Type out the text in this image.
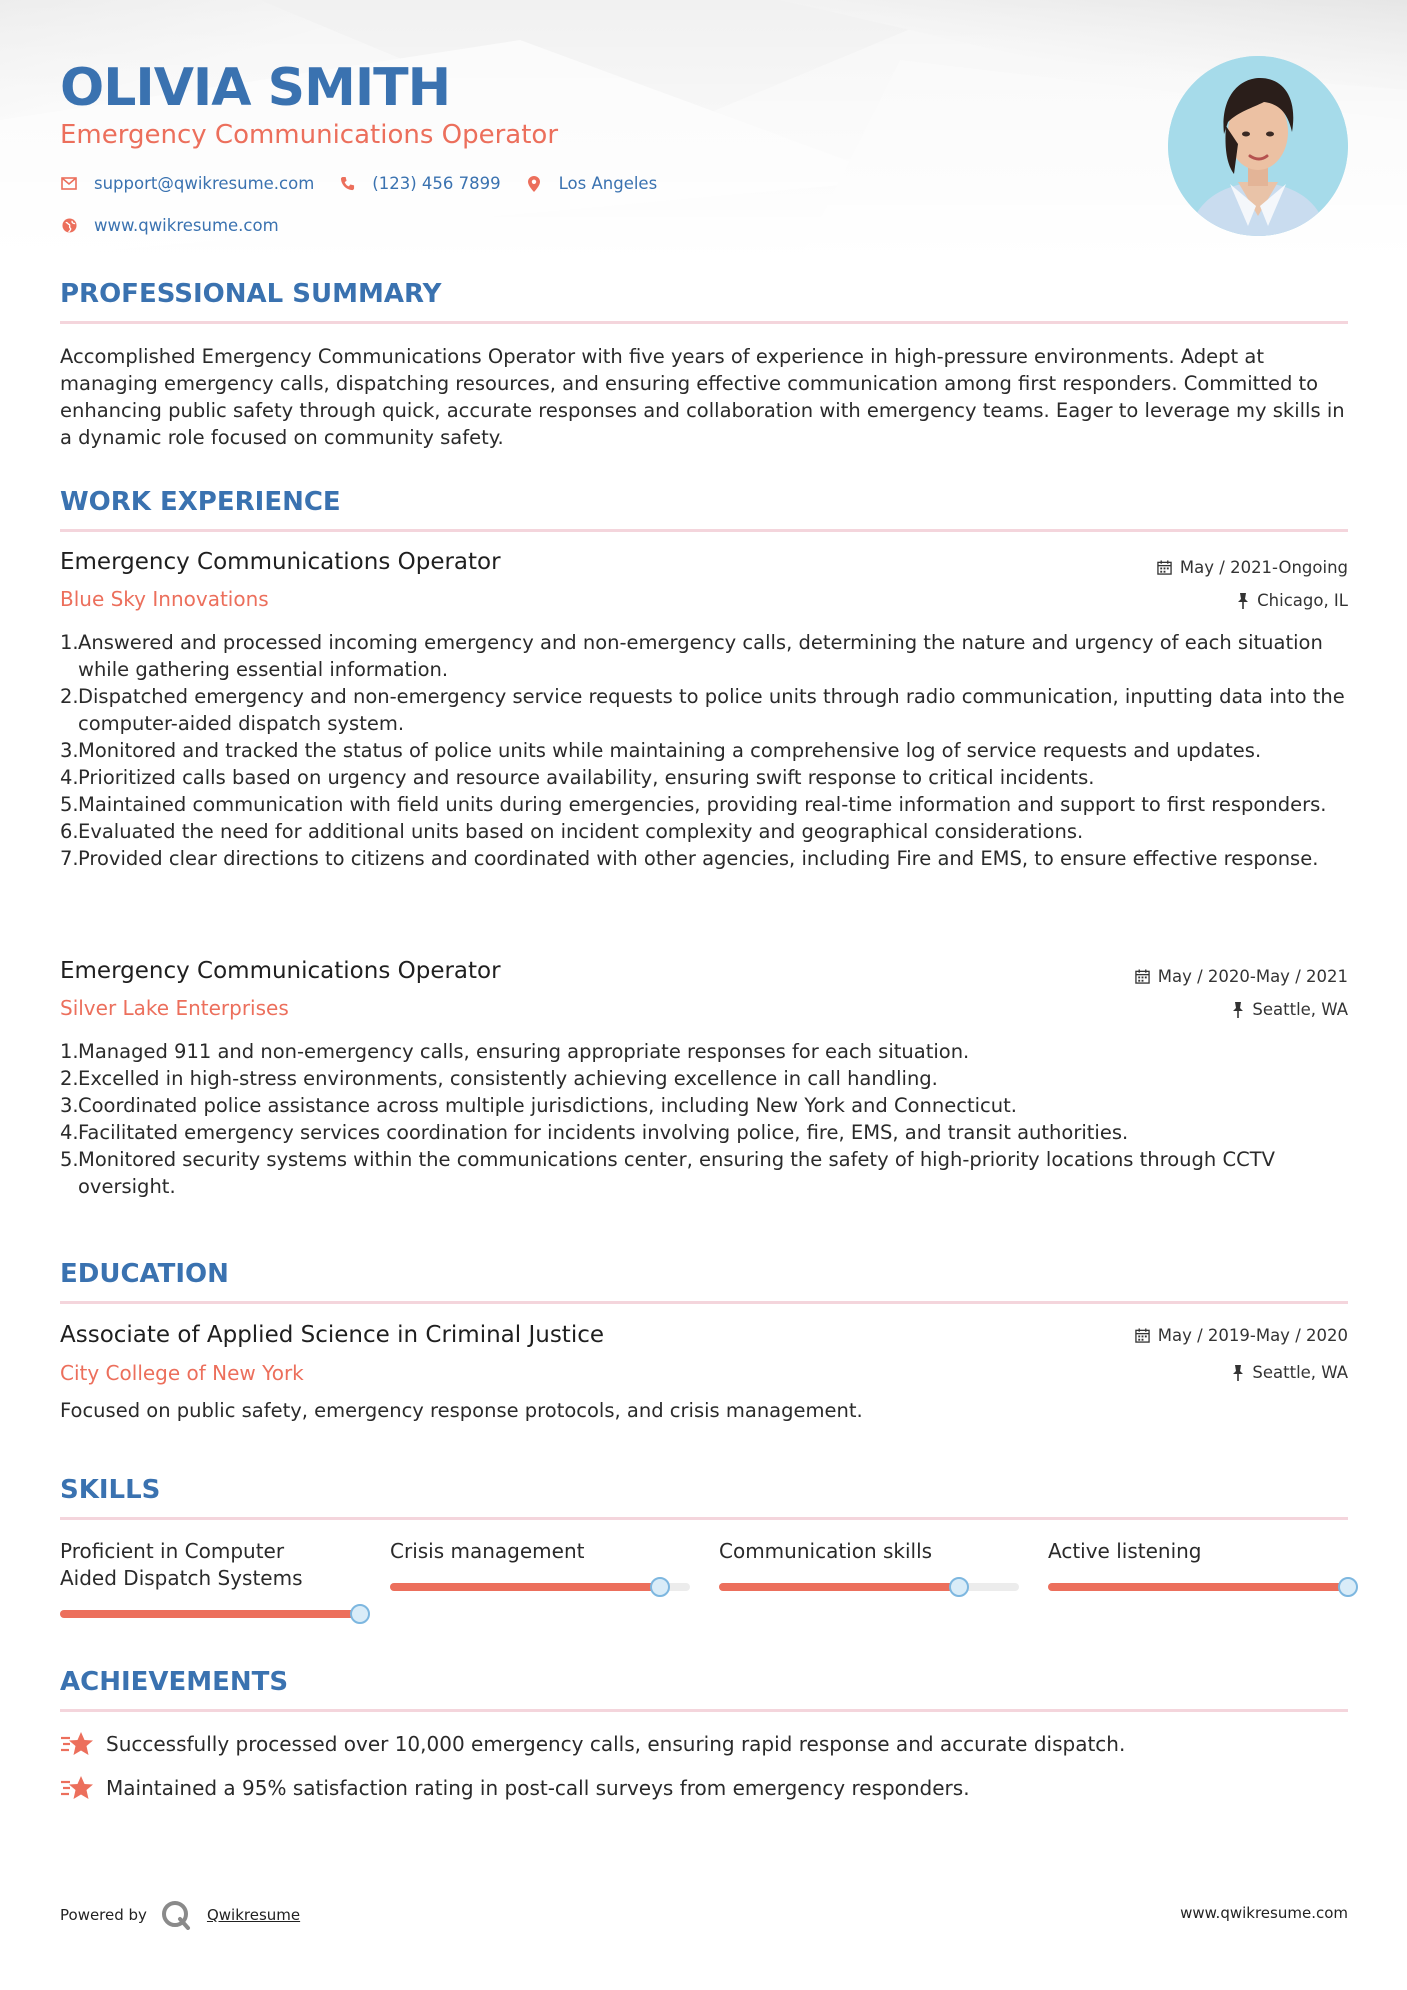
OLIVIA SMITH
Emergency Communications Operator
support@qwikresume.com	(123) 456 7899	Los Angeles
www.qwikresume.com
PROFESSIONAL SUMMARY
Accomplished Emergency Communications Operator with five years of experience in high-pressure environments. Adept at managing emergency calls, dispatching resources, and ensuring effective communication among first responders. Committed to enhancing public safety through quick, accurate responses and collaboration with emergency teams. Eager to leverage my skills in a dynamic role focused on community safety.
WORK EXPERIENCE
Emergency Communications Operator	May / 2021-Ongoing
Blue Sky Innovations	Chicago, IL
1. Answered and processed incoming emergency and non-emergency calls, determining the nature and urgency of each situation while gathering essential information.
2. Dispatched emergency and non-emergency service requests to police units through radio communication, inputting data into the computer-aided dispatch system.
3. Monitored and tracked the status of police units while maintaining a comprehensive log of service requests and updates.
4. Prioritized calls based on urgency and resource availability, ensuring swift response to critical incidents.
5. Maintained communication with field units during emergencies, providing real-time information and support to first responders.
6. Evaluated the need for additional units based on incident complexity and geographical considerations.
7. Provided clear directions to citizens and coordinated with other agencies, including Fire and EMS, to ensure effective response.
Emergency Communications Operator	May / 2020-May / 2021
Silver Lake Enterprises	Seattle, WA
1. Managed 911 and non-emergency calls, ensuring appropriate responses for each situation.
2. Excelled in high-stress environments, consistently achieving excellence in call handling.
3. Coordinated police assistance across multiple jurisdictions, including New York and Connecticut.
4. Facilitated emergency services coordination for incidents involving police, fire, EMS, and transit authorities.
5. Monitored security systems within the communications center, ensuring the safety of high-priority locations through CCTV oversight.
EDUCATION
Associate of Applied Science in Criminal Justice	May / 2019-May / 2020
City College of New York	Seattle, WA
Focused on public safety, emergency response protocols, and crisis management.
SKILLS
Proficient in Computer
Aided Dispatch Systems
Crisis management	Communication skills	Active listening
ACHIEVEMENTS
Successfully processed over 10,000 emergency calls, ensuring rapid response and accurate dispatch.
Maintained a 95% satisfaction rating in post-call surveys from emergency responders.
Powered by	Qwikresume	www.qwikresume.com
